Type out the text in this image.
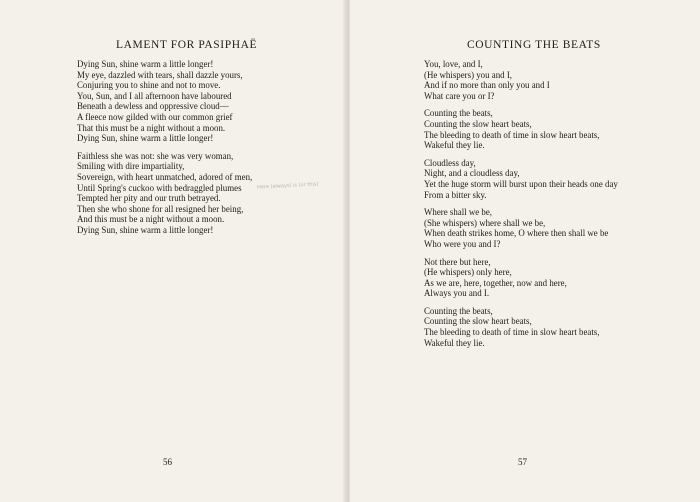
LAMENT FOR PASIPHAË
Dying Sun, shine warm a little longer!
My eye, dazzled with tears, shall dazzle yours,
Conjuring you to shine and not to move.
You, Sun, and I all afternoon have laboured
Beneath a dewless and oppressive cloud—
A fleece now gilded with our common grief
That this must be a night without a moon.
Dying Sun, shine warm a little longer!
Faithless she was not: she was very woman,
Smiling with dire impartiality,
Sovereign, with heart unmatched, adored of men,
Until Spring's cuckoo with bedraggled plumes
Tempted her pity and our truth betrayed.
Then she who shone for all resigned her being,
And this must be a night without a moon.
Dying Sun, shine warm a little longer!
Here (always) is (or this)
56
COUNTING THE BEATS
You, love, and I,
(He whispers) you and I,
And if no more than only you and I
What care you or I?
Counting the beats,
Counting the slow heart beats,
The bleeding to death of time in slow heart beats,
Wakeful they lie.
Cloudless day,
Night, and a cloudless day,
Yet the huge storm will burst upon their heads one day
From a bitter sky.
Where shall we be,
(She whispers) where shall we be,
When death strikes home, O where then shall we be
Who were you and I?
Not there but here,
(He whispers) only here,
As we are, here, together, now and here,
Always you and I.
Counting the beats,
Counting the slow heart beats,
The bleeding to death of time in slow heart beats,
Wakeful they lie.
57
